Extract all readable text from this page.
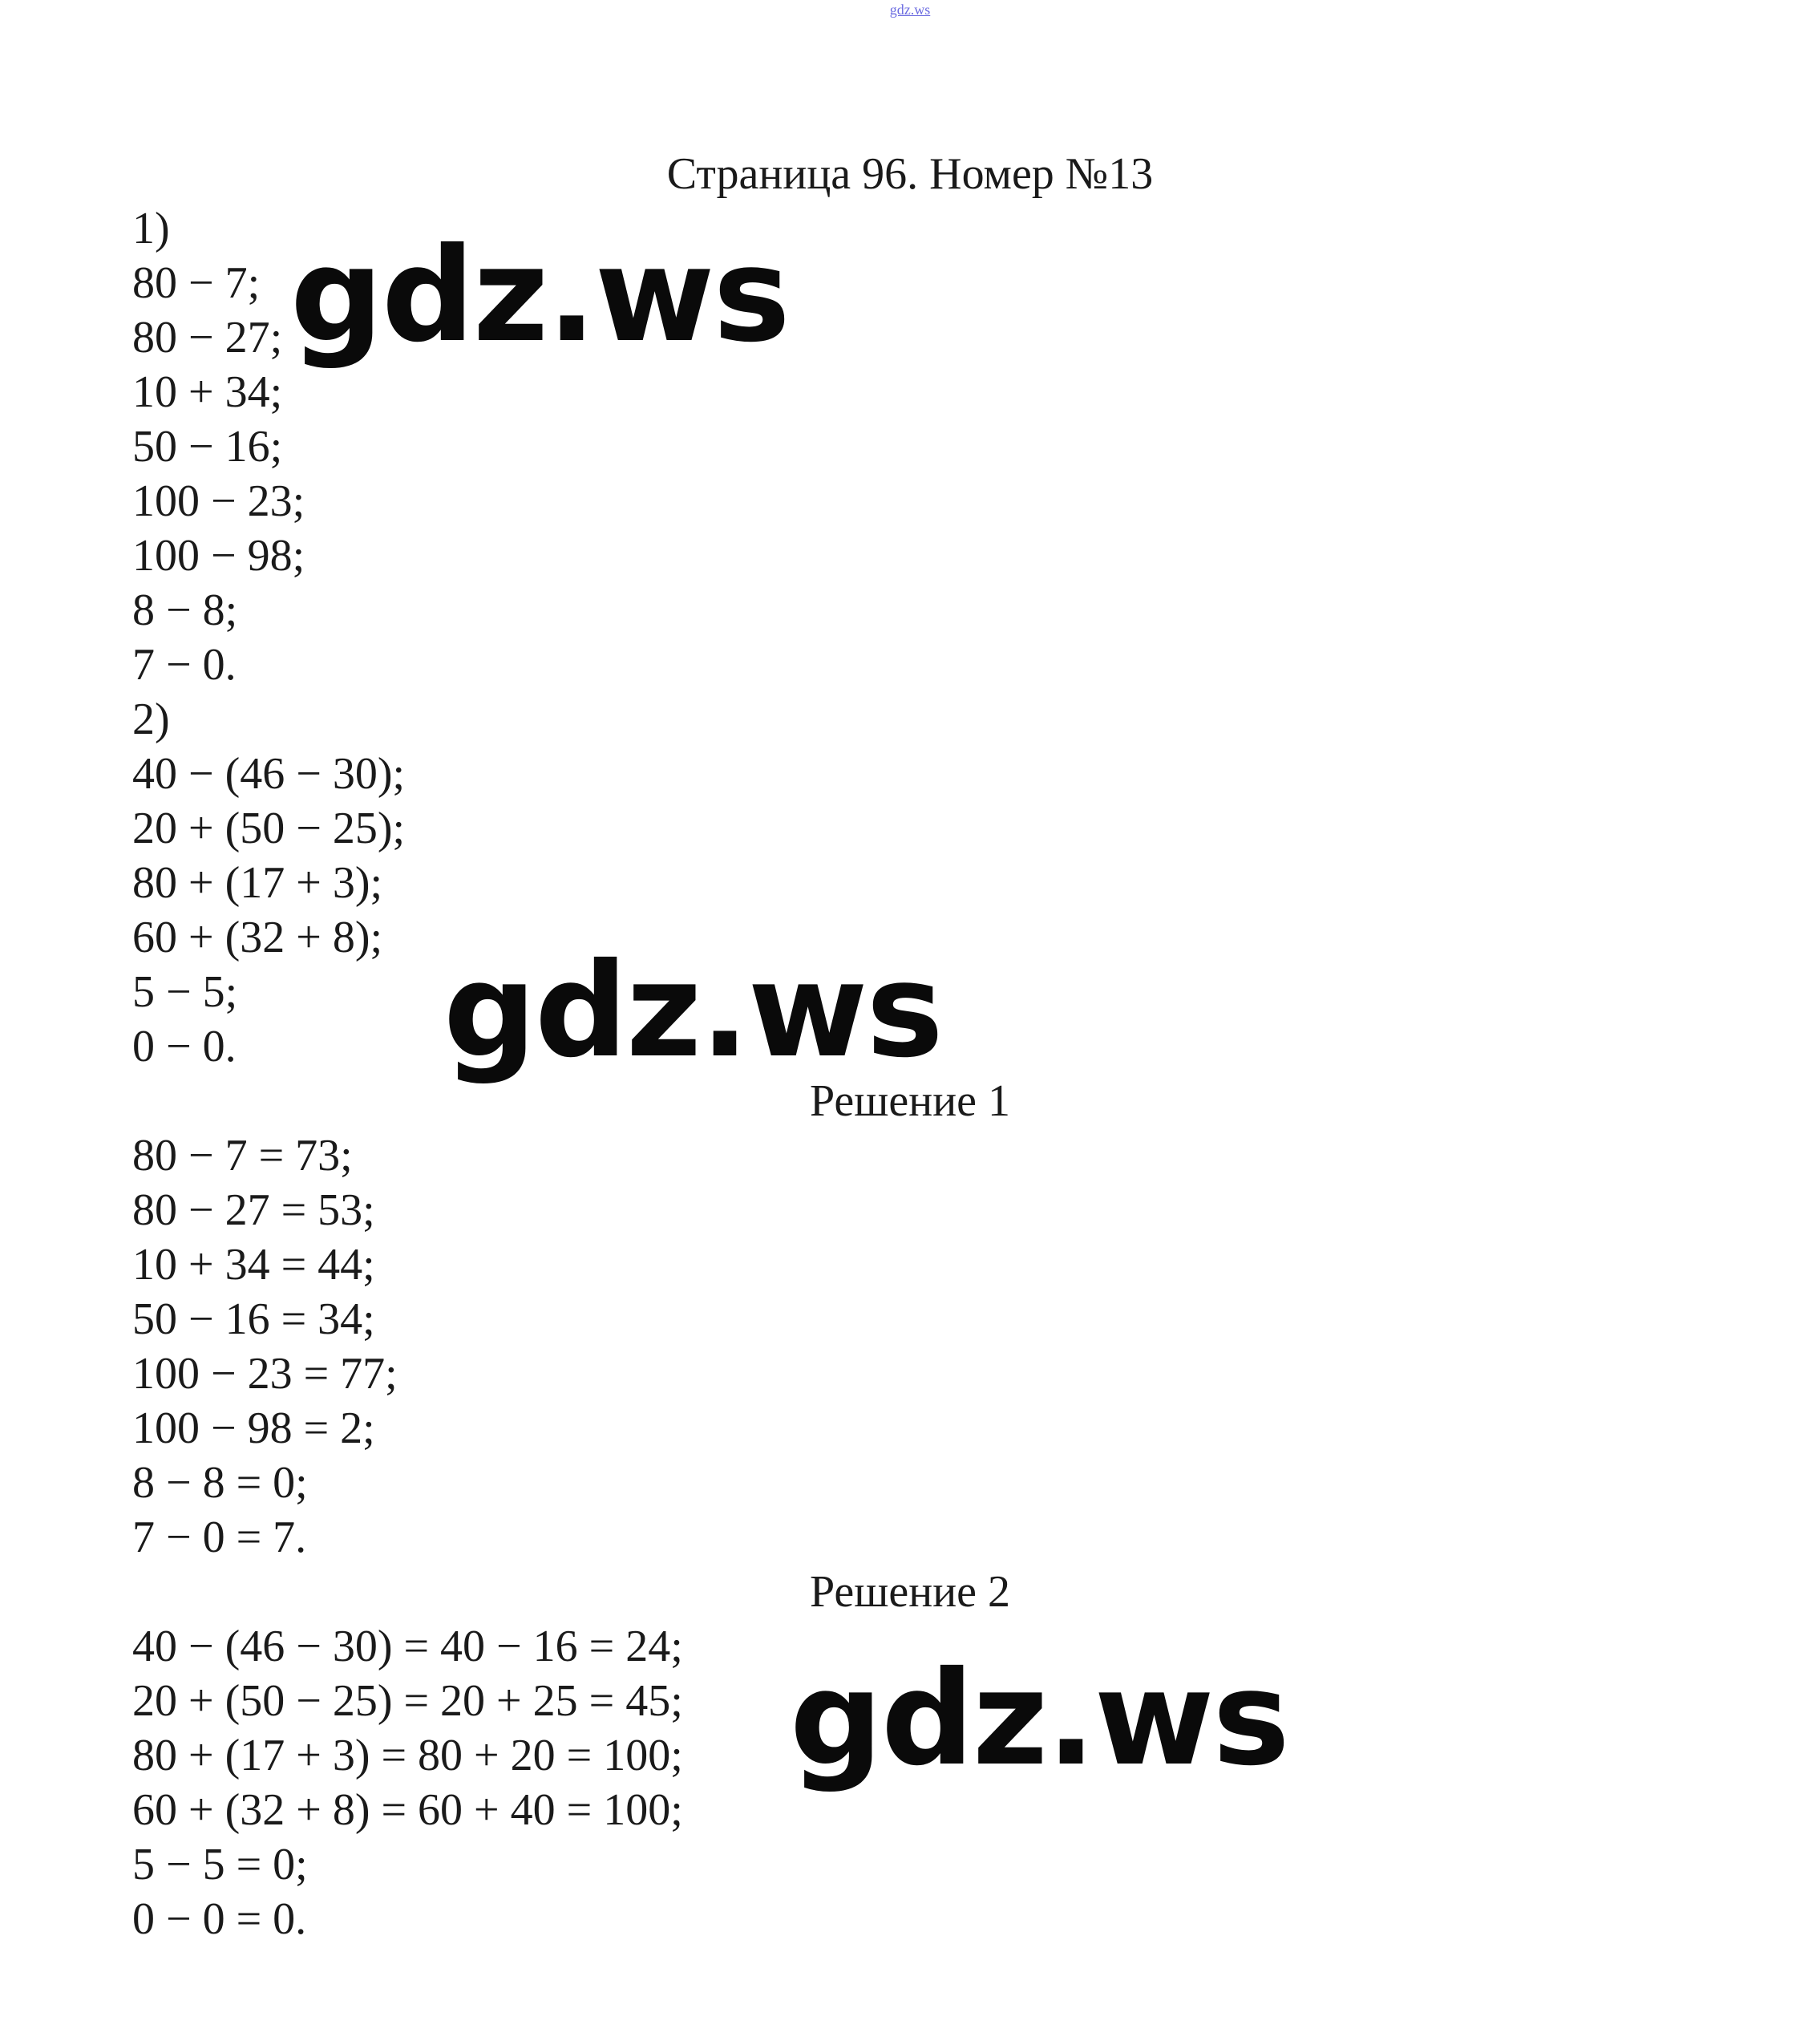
gdz.ws
Страница 96. Номер №13
1)
80 − 7;
80 − 27;
10 + 34;
50 − 16;
100 − 23;
100 − 98;
8 − 8;
7 − 0.
2)
40 − (46 − 30);
20 + (50 − 25);
80 + (17 + 3);
60 + (32 + 8);
5 − 5;
0 − 0.
Решение 1
80 − 7 = 73;
80 − 27 = 53;
10 + 34 = 44;
50 − 16 = 34;
100 − 23 = 77;
100 − 98 = 2;
8 − 8 = 0;
7 − 0 = 7.
Решение 2
40 − (46 − 30) = 40 − 16 = 24;
20 + (50 − 25) = 20 + 25 = 45;
80 + (17 + 3) = 80 + 20 = 100;
60 + (32 + 8) = 60 + 40 = 100;
5 − 5 = 0;
0 − 0 = 0.
gdz.ws
gdz.ws
gdz.ws
